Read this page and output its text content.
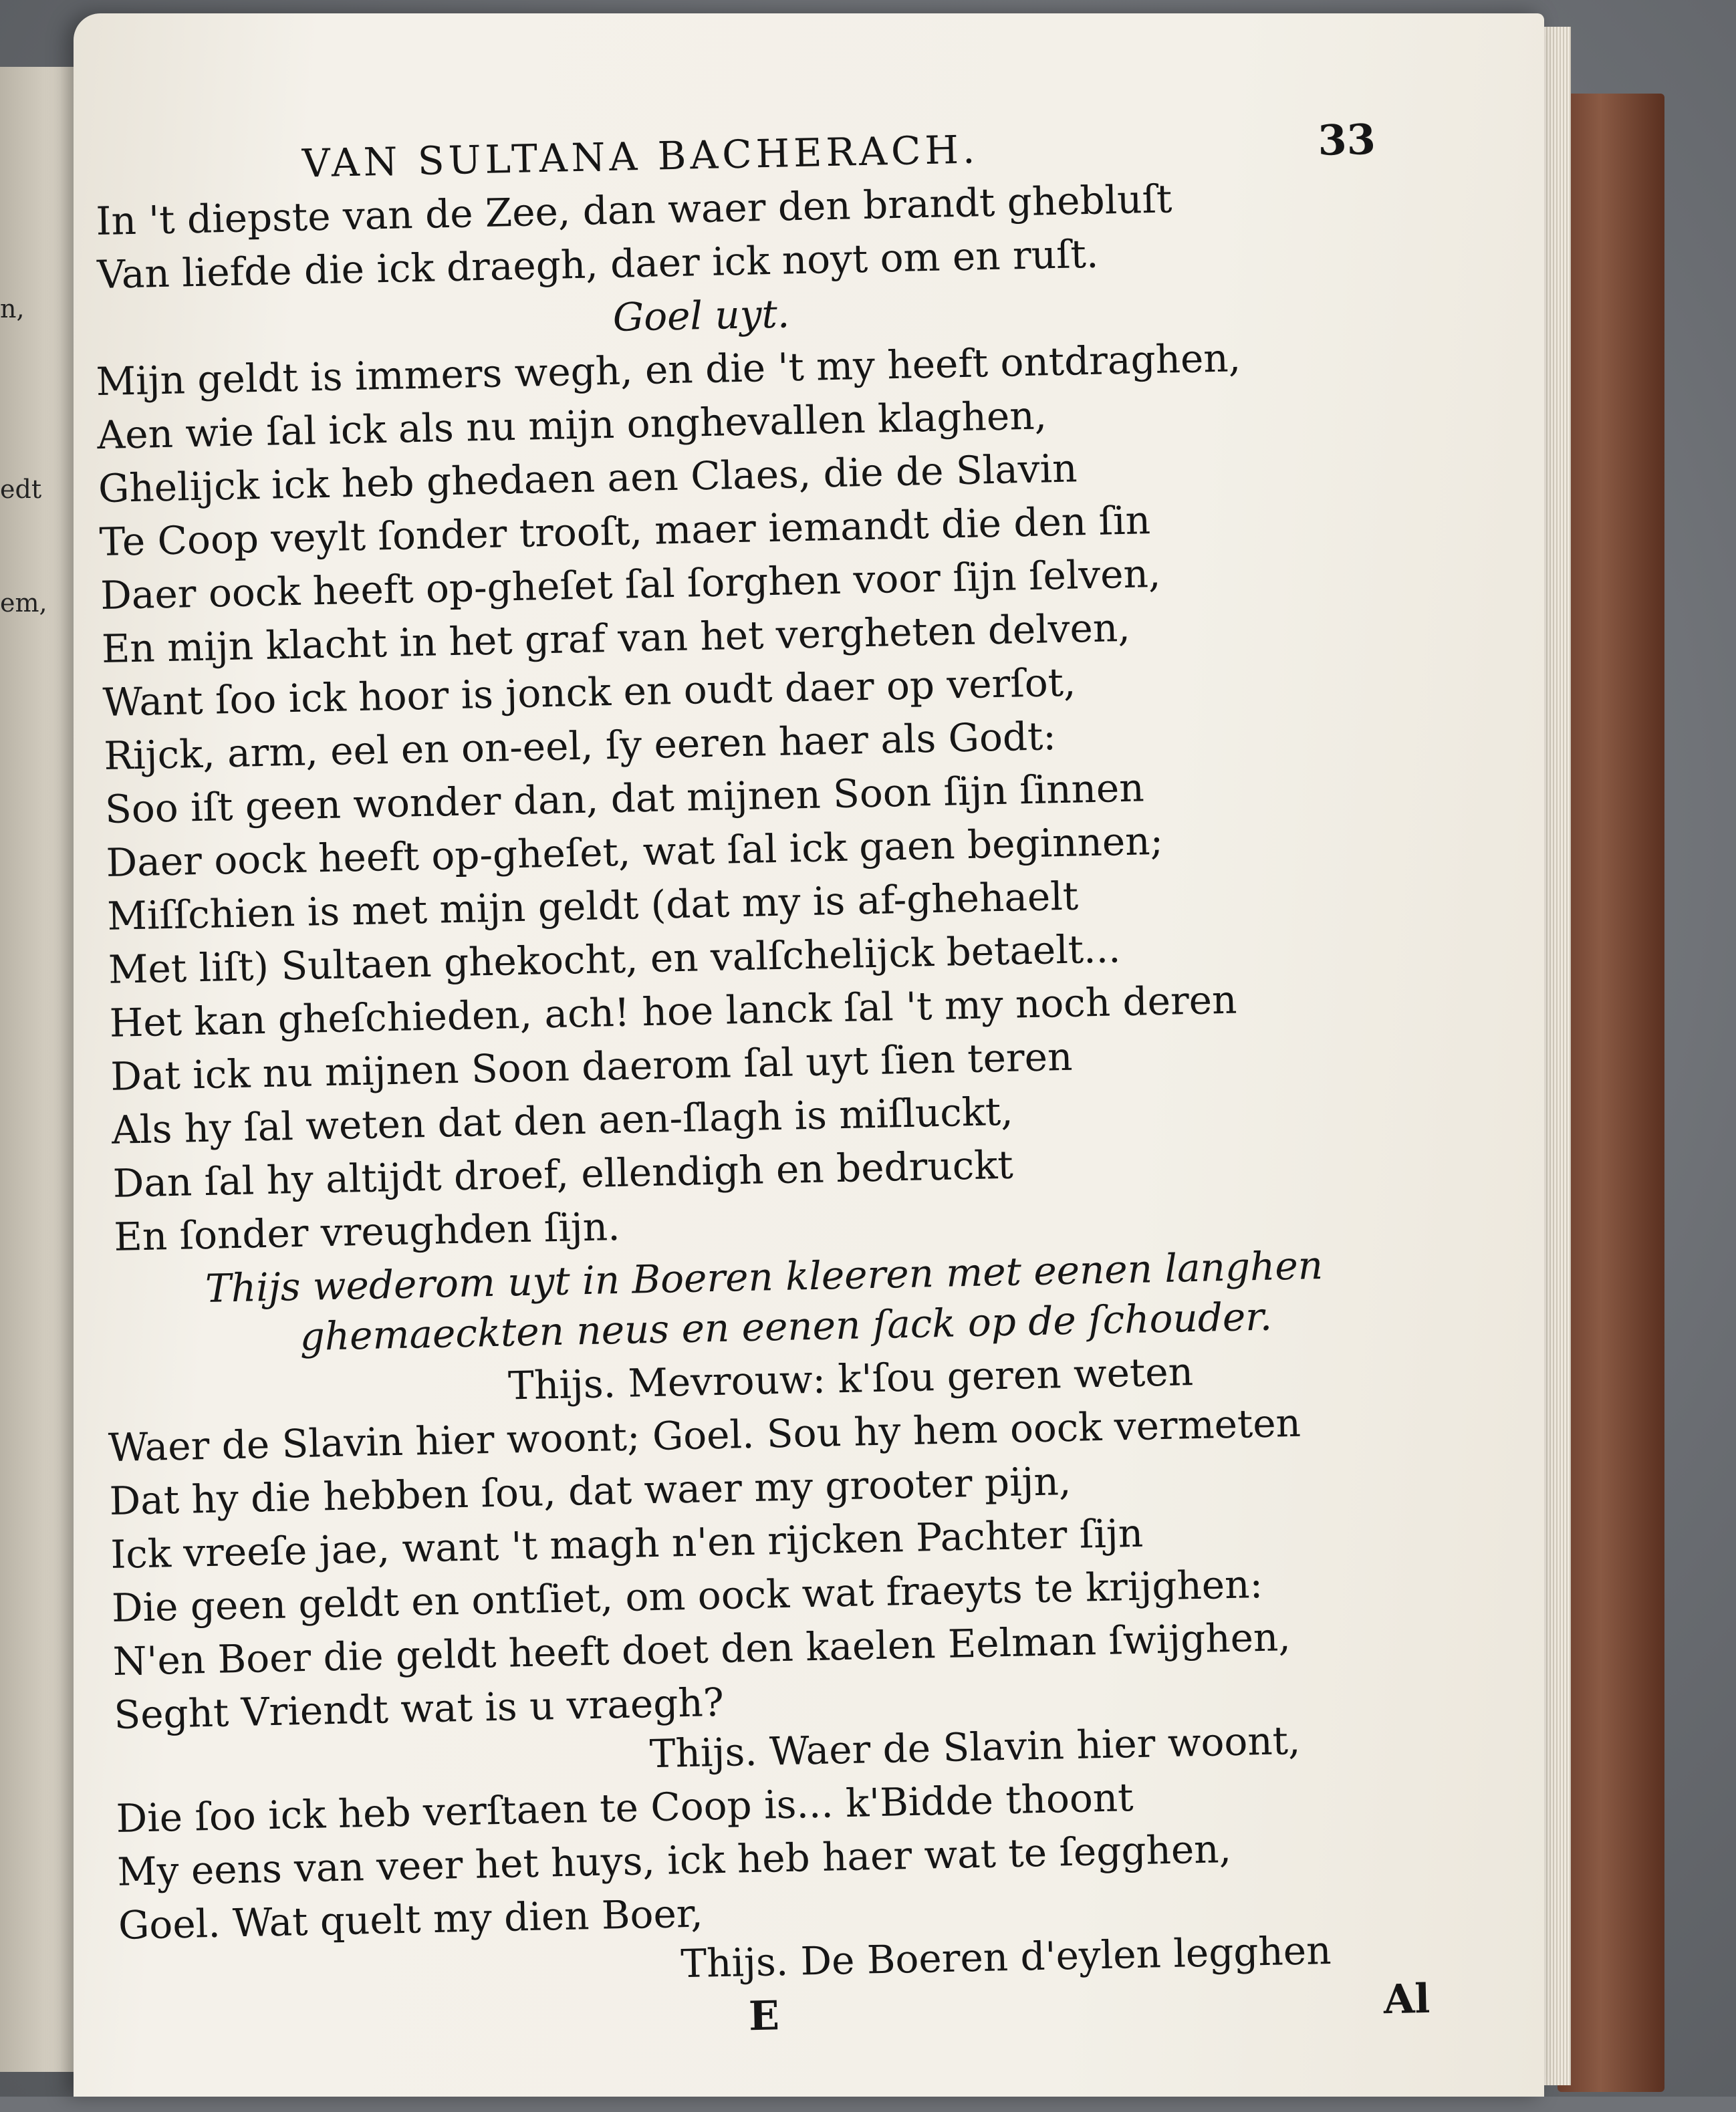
n,
edt
em,
VAN SULTANA BACHERACH.	33
In 't diepste van de Zee, dan waer den brandt ghebluſt
Van liefde die ick draegh, daer ick noyt om en ruſt.
Goel uyt.
Mijn geldt is immers wegh, en die 't my heeft ontdraghen,
Aen wie ſal ick als nu mijn onghevallen klaghen,
Ghelijck ick heb ghedaen aen Claes, die de Slavin
Te Coop veylt ſonder trooſt, maer iemandt die den ſin
Daer oock heeft op-gheſet ſal ſorghen voor ſijn ſelven,
En mijn klacht in het graf van het vergheten delven,
Want ſoo ick hoor is jonck en oudt daer op verſot,
Rijck, arm, eel en on-eel, ſy eeren haer als Godt:
Soo iſt geen wonder dan, dat mijnen Soon ſijn ſinnen
Daer oock heeft op-gheſet, wat ſal ick gaen beginnen;
Miſſchien is met mijn geldt (dat my is af-ghehaelt
Met liſt) Sultaen ghekocht, en valſchelijck betaelt...
Het kan gheſchieden, ach! hoe lanck ſal 't my noch deren
Dat ick nu mijnen Soon daerom ſal uyt ſien teren
Als hy ſal weten dat den aen-ſlagh is miſluckt,
Dan ſal hy altijdt droef, ellendigh en bedruckt
En ſonder vreughden ſijn.
Thijs wederom uyt in Boeren kleeren met eenen langhen
ghemaeckten neus en eenen ſack op de ſchouder.
Thijs. Mevrouw: k'ſou geren weten
Waer de Slavin hier woont; Goel. Sou hy hem oock vermeten
Dat hy die hebben ſou, dat waer my grooter pijn,
Ick vreeſe jae, want 't magh n'en rijcken Pachter ſijn
Die geen geldt en ontſiet, om oock wat fraeyts te krijghen:
N'en Boer die geldt heeft doet den kaelen Eelman ſwijghen,
Seght Vriendt wat is u vraegh?
Thijs. Waer de Slavin hier woont,
Die ſoo ick heb verſtaen te Coop is... k'Bidde thoont
My eens van veer het huys, ick heb haer wat te ſegghen,
Goel. Wat quelt my dien Boer,
Thijs. De Boeren d'eylen legghen
E	Al
